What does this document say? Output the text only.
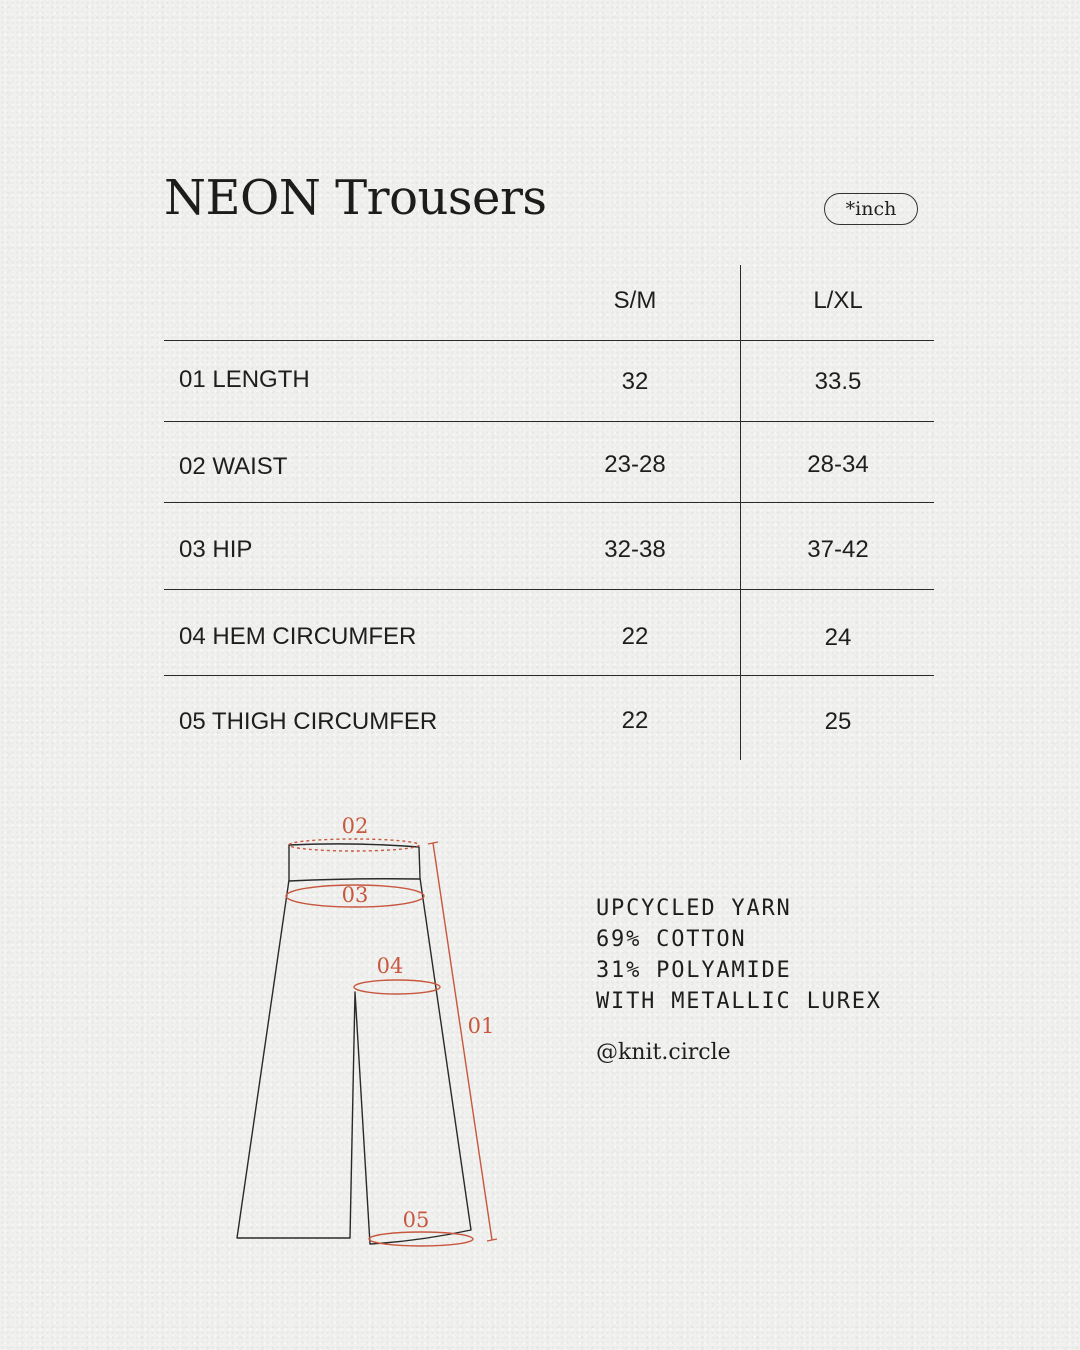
NEON Trousers	*inch
S/M	L/XL
01 LENGTH	32	33.5
02 WAIST	23-28	28-34
03 HIP	32-38	37-42
04 HEM CIRCUMFER	22	24
05 THIGH CIRCUMFER	22	25
02
03
04
01
05
UPCYCLED YARN
69% COTTON
31% POLYAMIDE
WITH METALLIC LUREX
@knit.circle
